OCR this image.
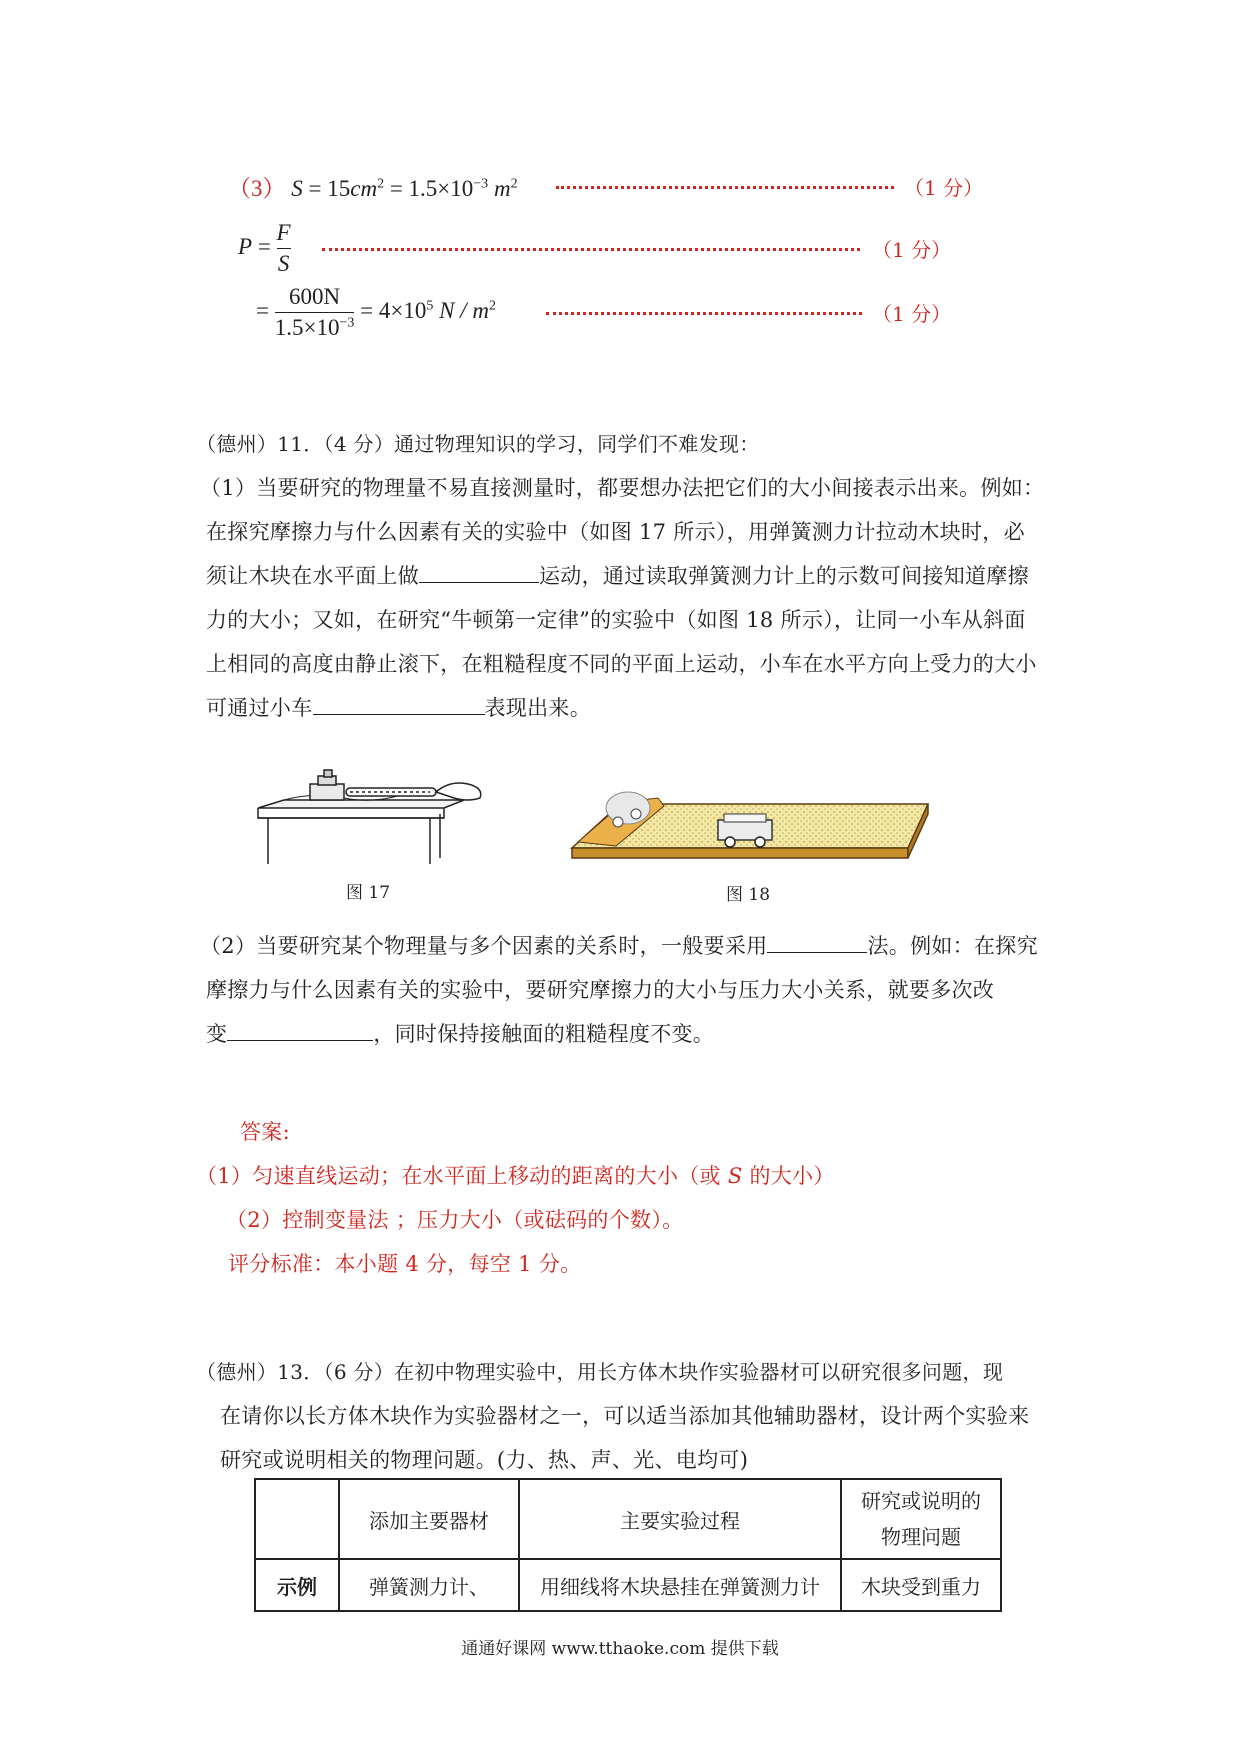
（3） $S = 15cm^2 = 1.5\times 10^{-3}$ $m^2$	（1 分）
$P = \frac{F}{S}$	（1 分）
= $\frac{600N}{1.5\times 10^{-3}} = 4\times 10^5$ N / $m^2$	（1 分）
（德州）11．（4 分）通过物理知识的学习，同学们不难发现：
（1）当要研究的物理量不易直接测量时，都要想办法把它们的大小间接表示出来。例如：
在探究摩擦力与什么因素有关的实验中（如图 17 所示），用弹簧测力计拉动木块时，必
须让木块在水平面上做	运动，通过读取弹簧测力计上的示数可间接知道摩擦
力的大小；又如，在研究“牛顿第一定律”的实验中（如图 18 所示），让同一小车从斜面
上相同的高度由静止滚下，在粗糙程度不同的平面上运动，小车在水平方向上受力的大小
可通过小车	表现出来。
图 17	图 18
（2）当要研究某个物理量与多个因素的关系时，一般要采用	法。例如：在探究
摩擦力与什么因素有关的实验中，要研究摩擦力的大小与压力大小关系，就要多次改
变	，同时保持接触面的粗糙程度不变。
答案:
（1）匀速直线运动；在水平面上移动的距离的大小（或 S 的大小）
（2）控制变量法 ；压力大小（或砝码的个数）。
评分标准：本小题 4 分，每空 1 分。
（德州）13．（6 分）在初中物理实验中，用长方体木块作实验器材可以研究很多问题，现
在请你以长方体木块作为实验器材之一，可以适当添加其他辅助器材，设计两个实验来
研究或说明相关的物理问题。(力、热、声、光、电均可)
	添加主要器材	主要实验过程	研究或说明的
物理问题

示例	弹簧测力计、	用细线将木块悬挂在弹簧测力计	木块受到重力
通通好课网 www.tthaoke.com 提供下载
